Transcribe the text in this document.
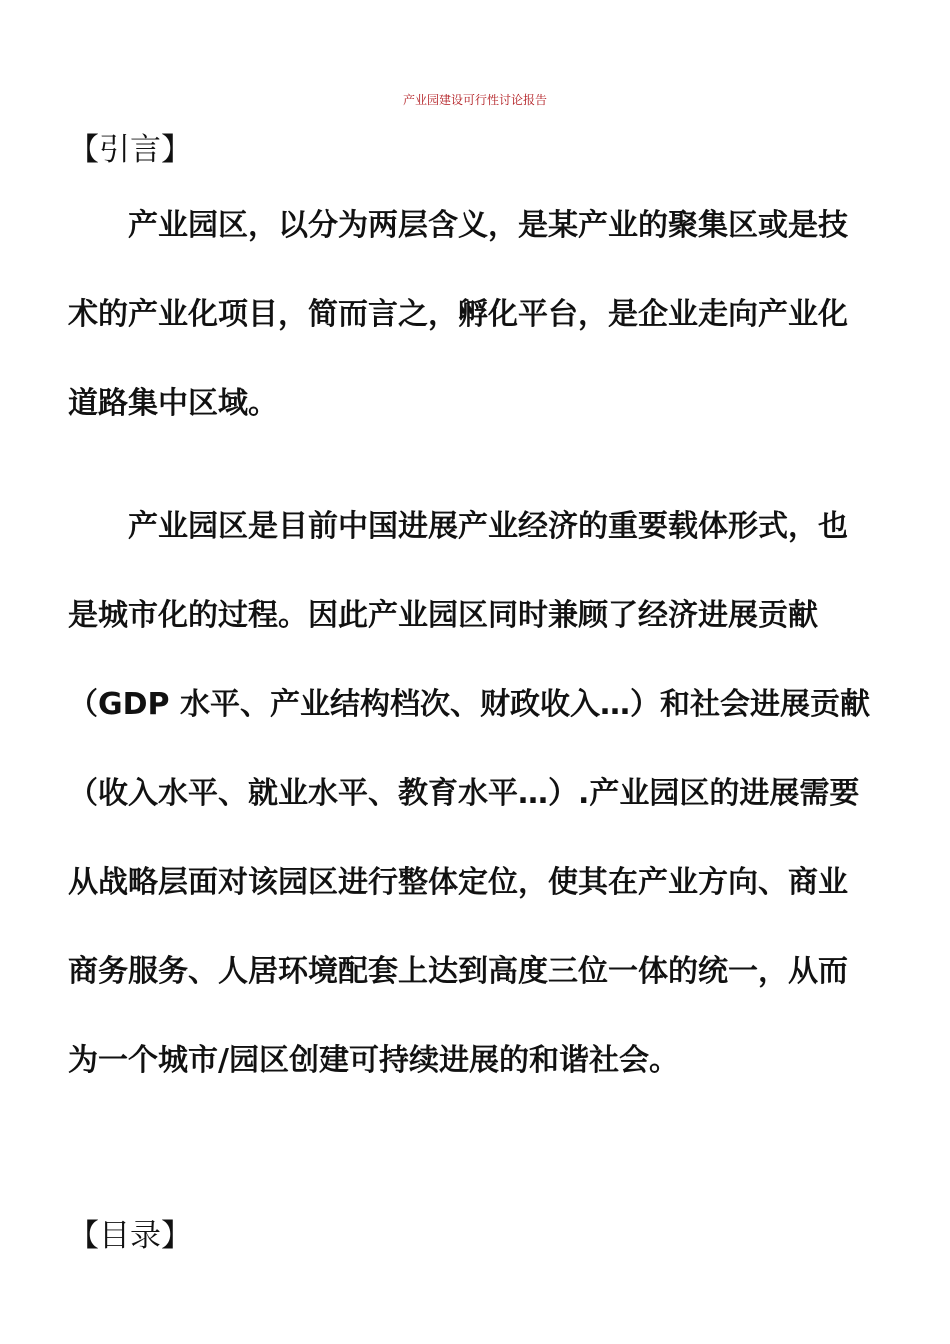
产业园建设可行性讨论报告
【引言】
产业园区，以分为两层含义，是某产业的聚集区或是技
术的产业化项目，简而言之，孵化平台，是企业走向产业化
道路集中区域。
产业园区是目前中国进展产业经济的重要载体形式，也
是城市化的过程。因此产业园区同时兼顾了经济进展贡献
（GDP 水平、产业结构档次、财政收入…）和社会进展贡献
（收入水平、就业水平、教育水平…）.产业园区的进展需要
从战略层面对该园区进行整体定位，使其在产业方向、商业
商务服务、人居环境配套上达到高度三位一体的统一，从而
为一个城市/园区创建可持续进展的和谐社会。
【目录】
